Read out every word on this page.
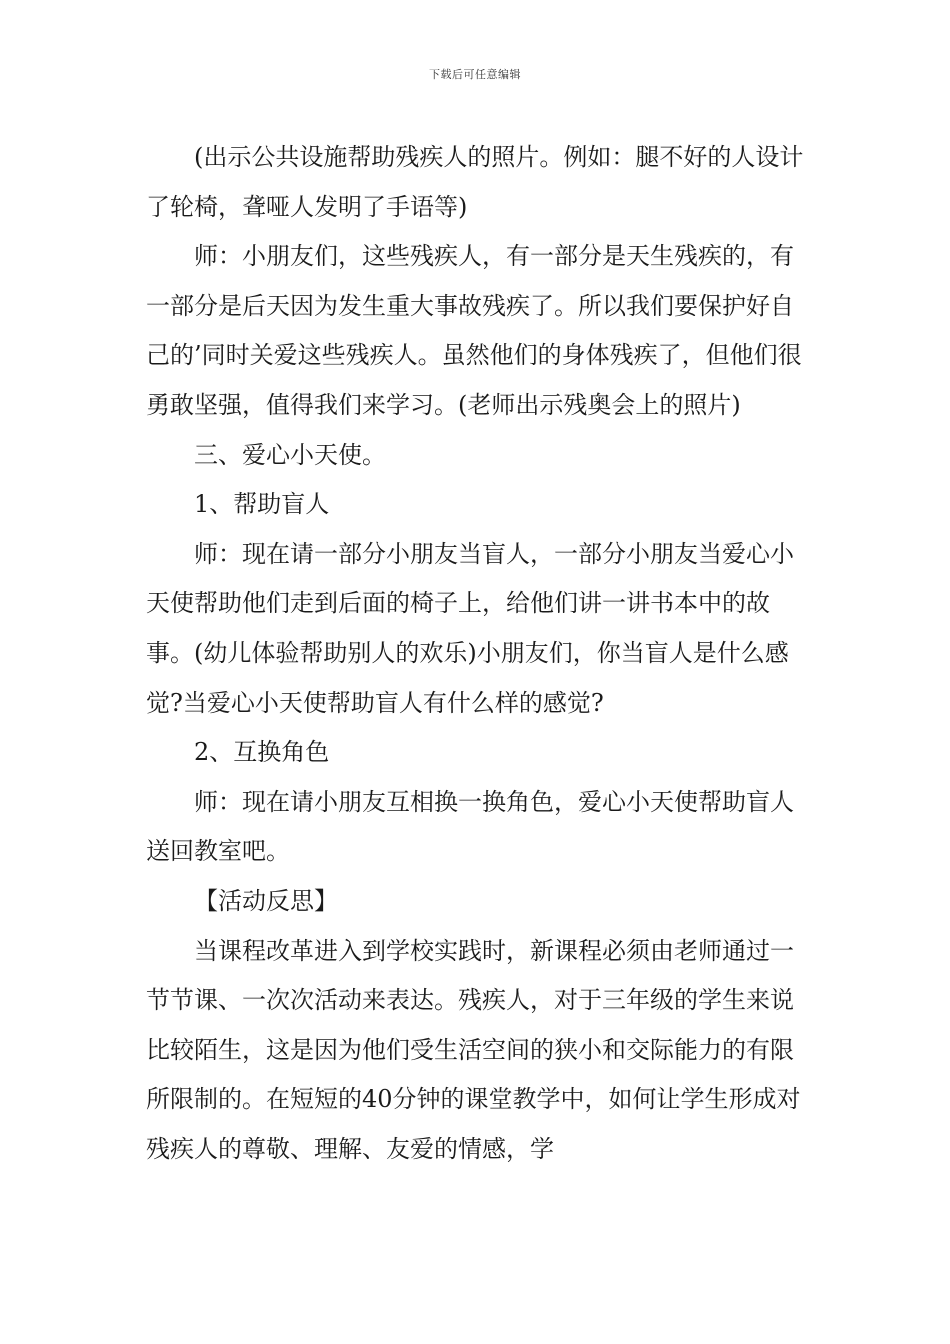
下载后可任意编辑

(出示公共设施帮助残疾人的照片。例如：腿不好的人设计了轮椅，聋哑人发明了手语等)

师：小朋友们，这些残疾人，有一部分是天生残疾的，有一部分是后天因为发生重大事故残疾了。所以我们要保护好自己的’同时关爱这些残疾人。虽然他们的身体残疾了，但他们很勇敢坚强，值得我们来学习。(老师出示残奥会上的照片)

三、爱心小天使。

1、帮助盲人

师：现在请一部分小朋友当盲人，一部分小朋友当爱心小天使帮助他们走到后面的椅子上，给他们讲一讲书本中的故事。(幼儿体验帮助别人的欢乐)小朋友们，你当盲人是什么感觉?当爱心小天使帮助盲人有什么样的感觉?

2、互换角色

师：现在请小朋友互相换一换角色，爱心小天使帮助盲人送回教室吧。

【活动反思】

当课程改革进入到学校实践时，新课程必须由老师通过一节节课、一次次活动来表达。残疾人，对于三年级的学生来说比较陌生，这是因为他们受生活空间的狭小和交际能力的有限所限制的。在短短的40分钟的课堂教学中，如何让学生形成对残疾人的尊敬、理解、友爱的情感，学
